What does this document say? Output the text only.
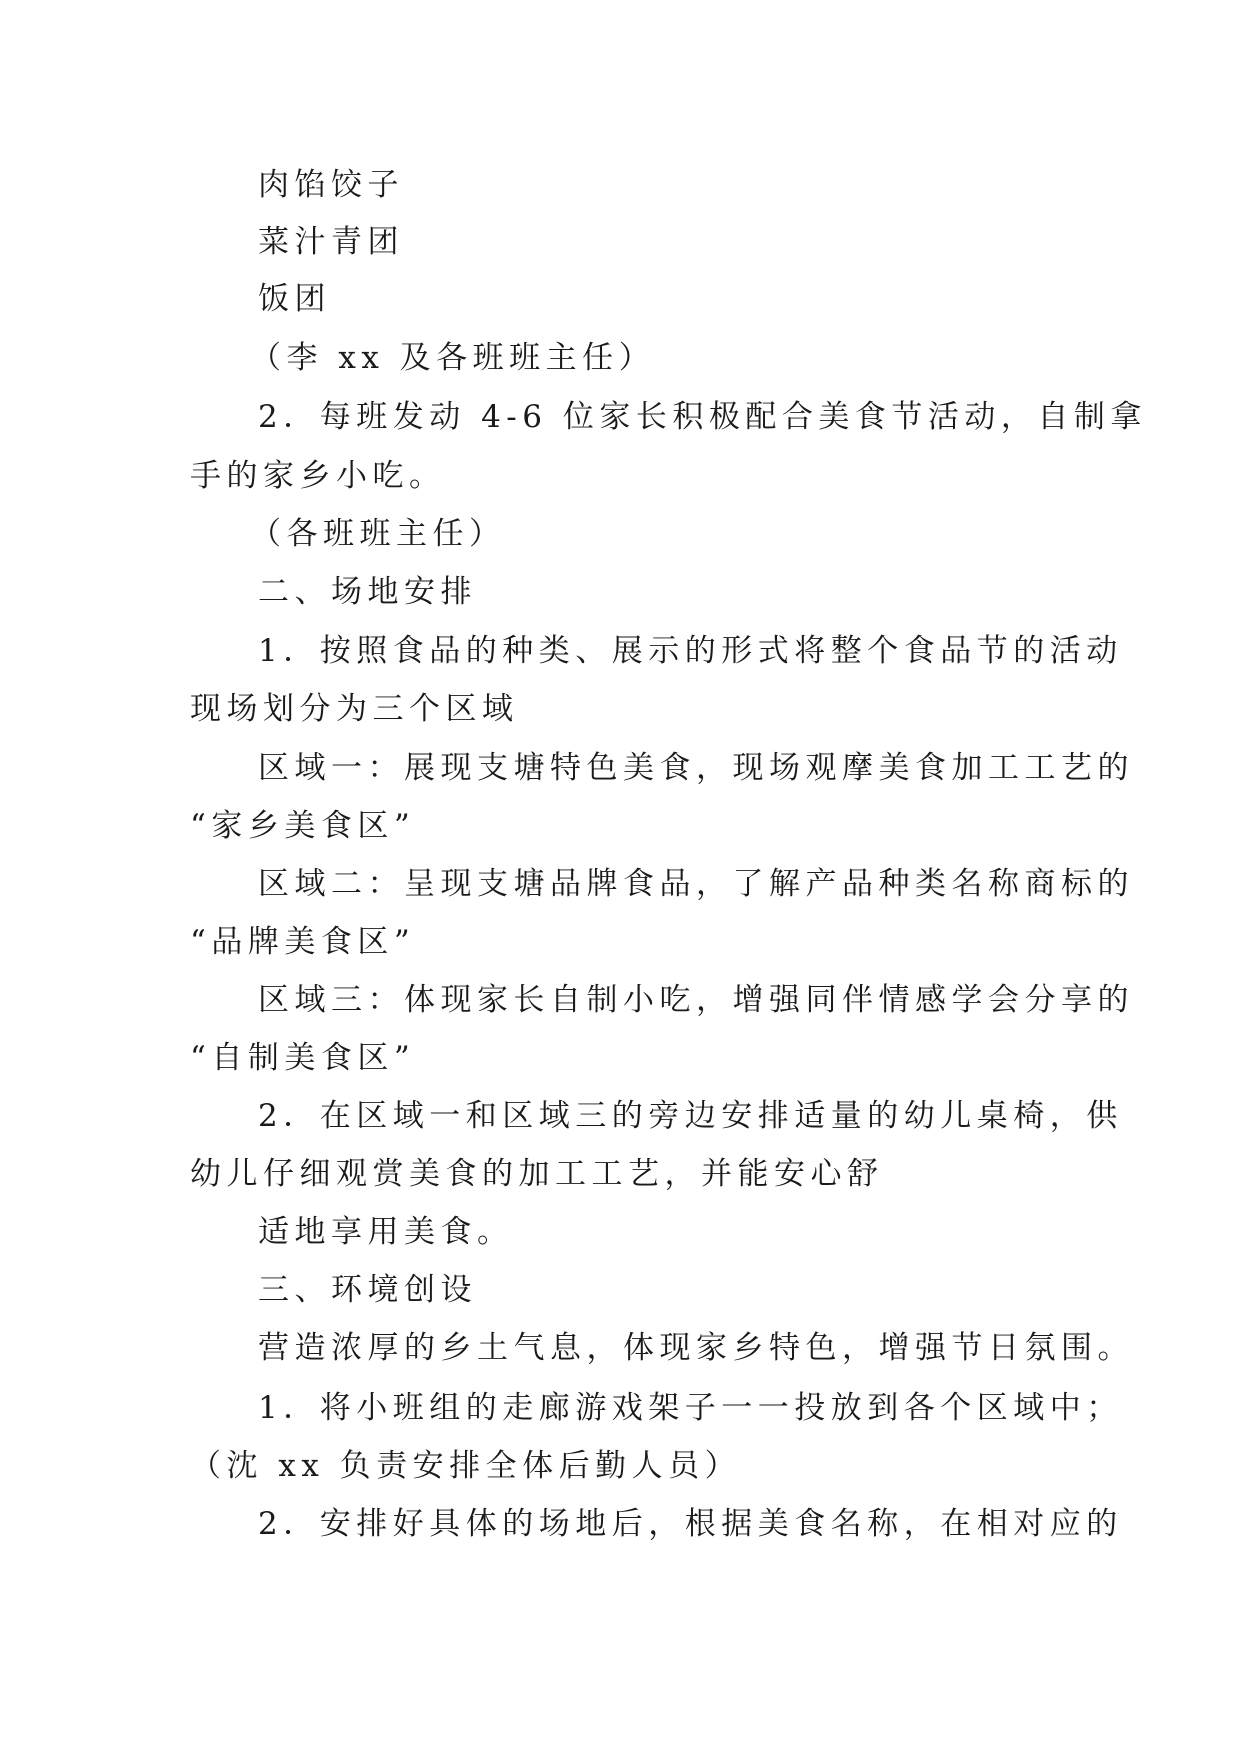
肉馅饺子
菜汁青团
饭团
（李 xx 及各班班主任）
2．每班发动 4-6 位家长积极配合美食节活动，自制拿
手的家乡小吃。
（各班班主任）
二、场地安排
1．按照食品的种类、展示的形式将整个食品节的活动
现场划分为三个区域
区域一：展现支塘特色美食，现场观摩美食加工工艺的
“家乡美食区”
区域二：呈现支塘品牌食品，了解产品种类名称商标的
“品牌美食区”
区域三：体现家长自制小吃，增强同伴情感学会分享的
“自制美食区”
2．在区域一和区域三的旁边安排适量的幼儿桌椅，供
幼儿仔细观赏美食的加工工艺，并能安心舒
适地享用美食。
三、环境创设
营造浓厚的乡土气息，体现家乡特色，增强节日氛围。
1．将小班组的走廊游戏架子一一投放到各个区域中；
（沈 xx 负责安排全体后勤人员）
2．安排好具体的场地后，根据美食名称，在相对应的
